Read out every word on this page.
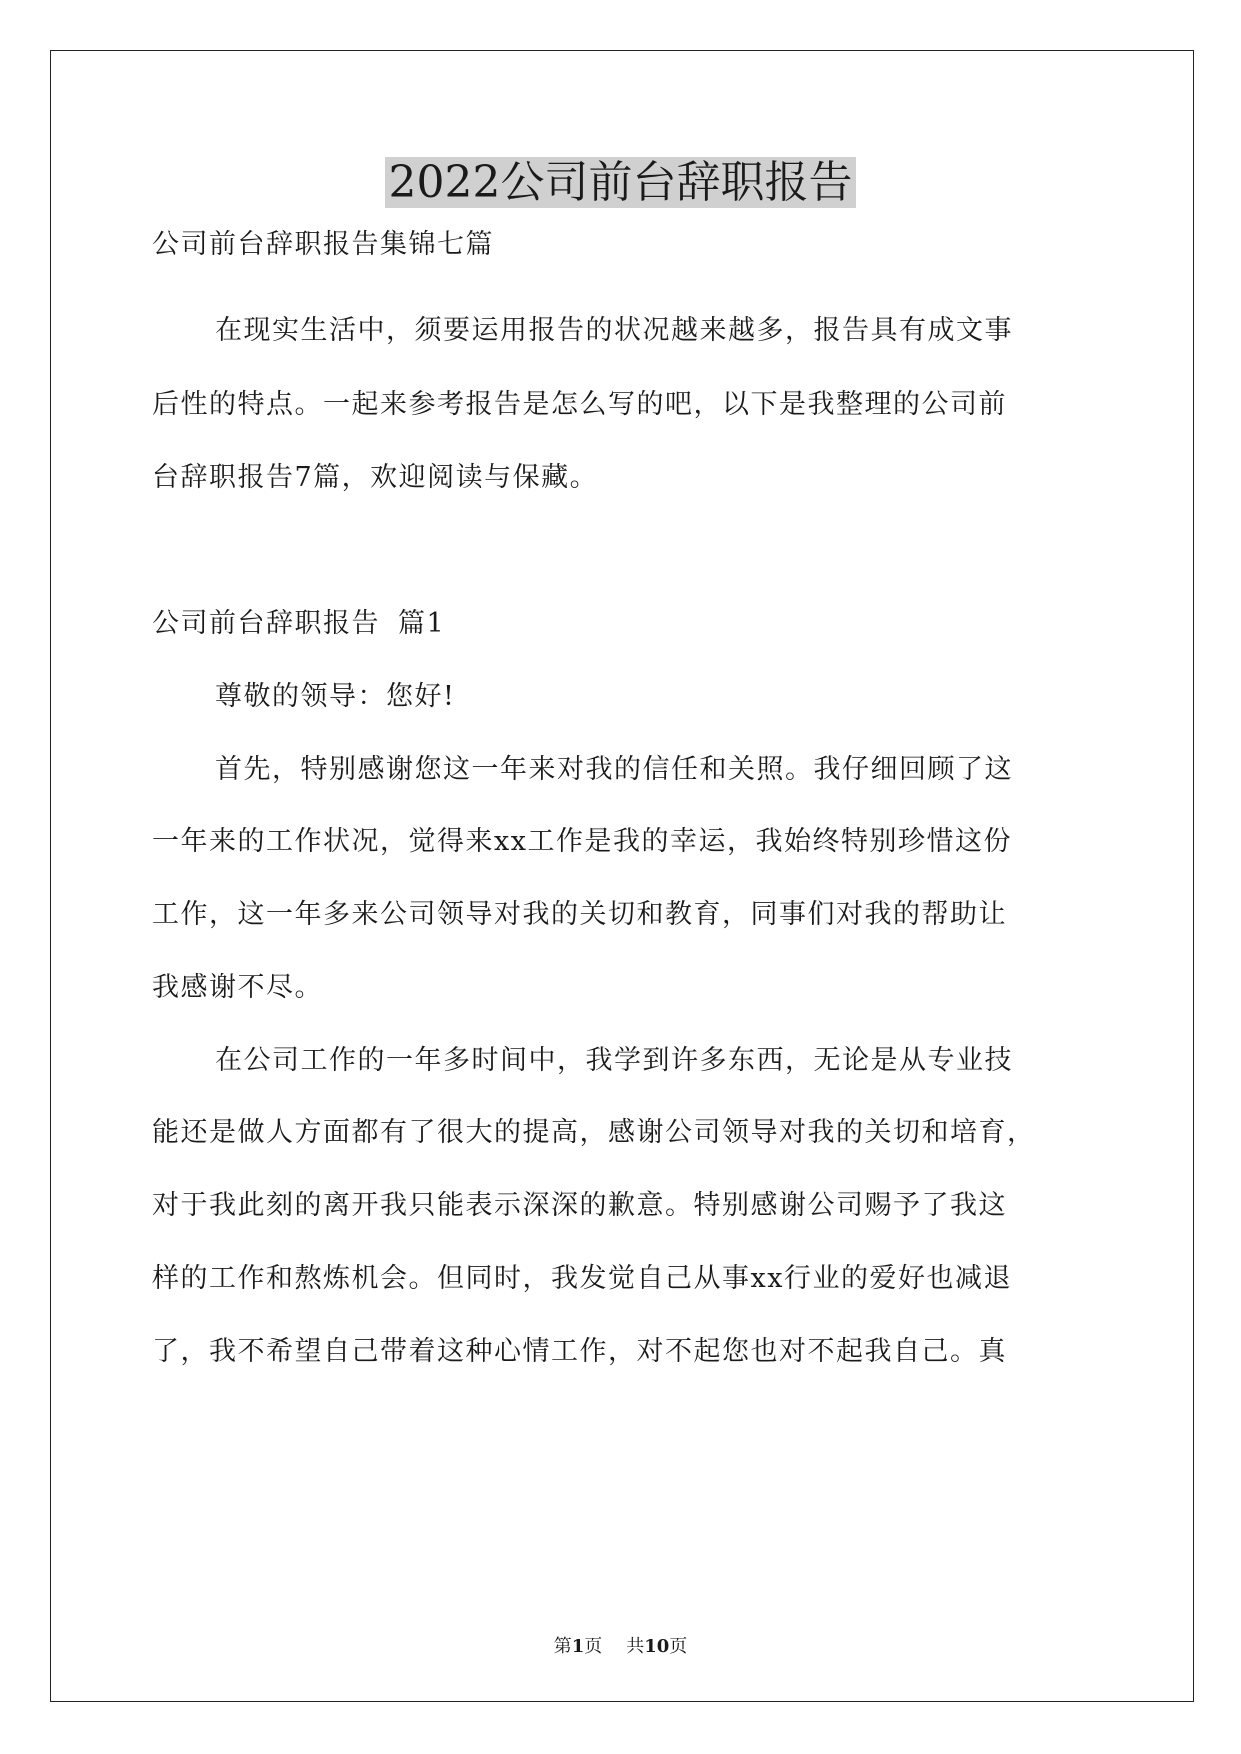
2022公司前台辞职报告

公司前台辞职报告集锦七篇

在现实生活中，须要运用报告的状况越来越多，报告具有成文事

后性的特点。一起来参考报告是怎么写的吧，以下是我整理的公司前

台辞职报告7篇，欢迎阅读与保藏。

公司前台辞职报告 篇1

尊敬的领导：您好!

首先，特别感谢您这一年来对我的信任和关照。我仔细回顾了这

一年来的工作状况，觉得来xx工作是我的幸运，我始终特别珍惜这份

工作，这一年多来公司领导对我的关切和教育，同事们对我的帮助让

我感谢不尽。

在公司工作的一年多时间中，我学到许多东西，无论是从专业技

能还是做人方面都有了很大的提高，感谢公司领导对我的关切和培育，

对于我此刻的离开我只能表示深深的歉意。特别感谢公司赐予了我这

样的工作和熬炼机会。但同时，我发觉自己从事xx行业的爱好也减退

了，我不希望自己带着这种心情工作，对不起您也对不起我自己。真

第1页 共10页
